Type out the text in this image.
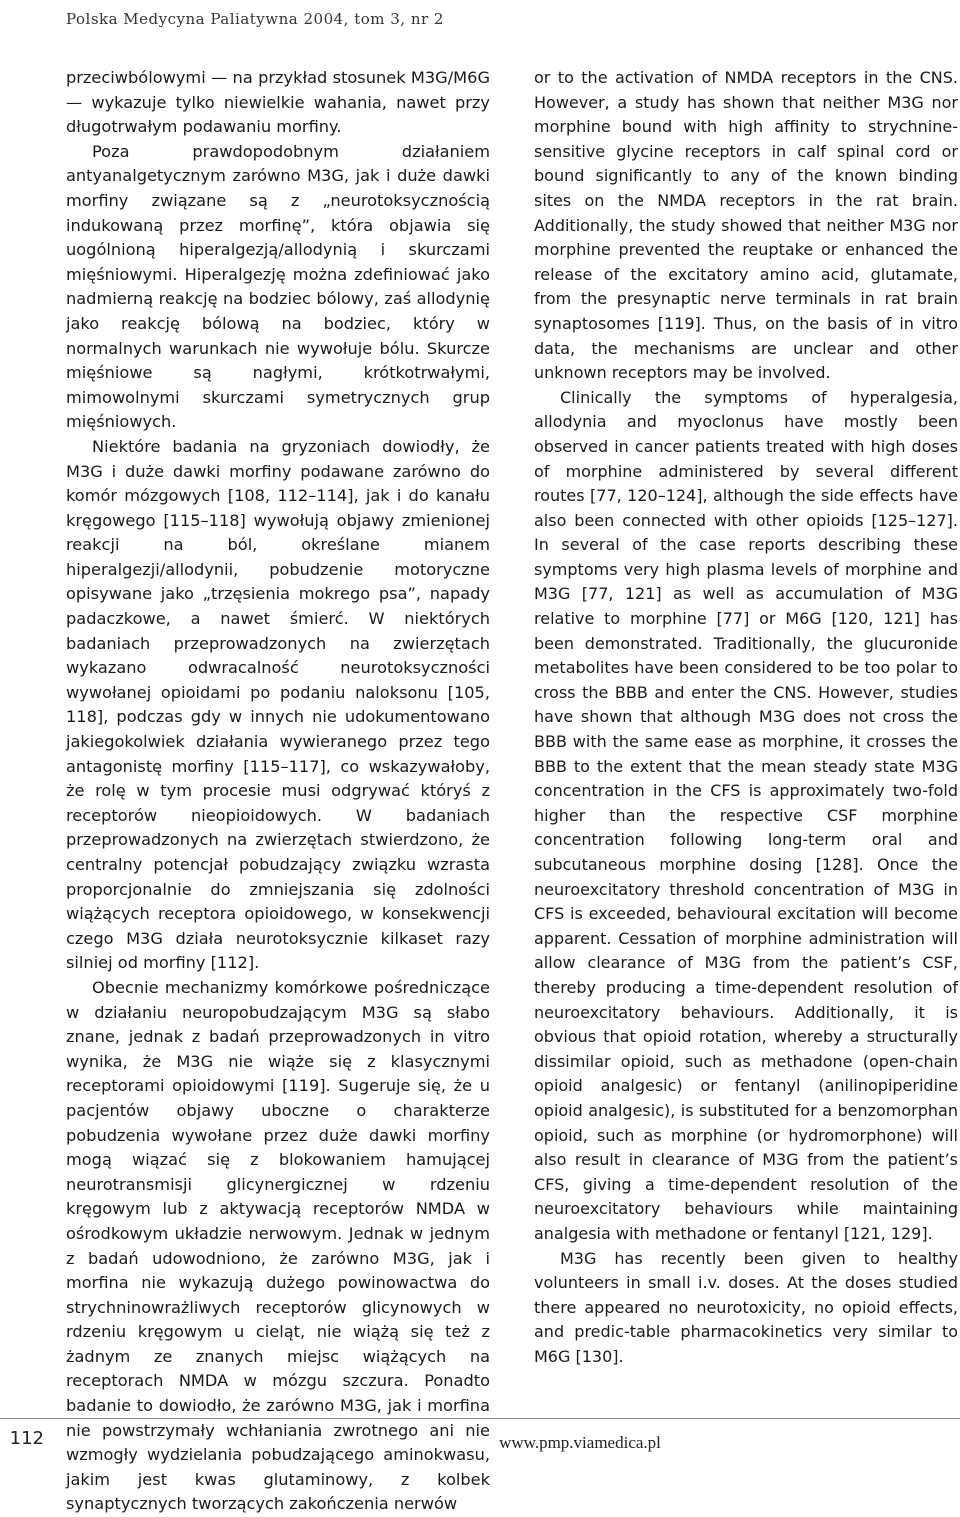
Polska Medycyna Paliatywna 2004, tom 3, nr 2

przeciwbólowymi — na przykład stosunek M3G/M6G — wykazuje tylko niewielkie wahania, nawet przy długotrwałym podawaniu morfiny.

Poza prawdopodobnym działaniem antyanalgetycznym zarówno M3G, jak i duże dawki morfiny związane są z „neurotoksycznością indukowaną przez morfinę”, która objawia się uogólnioną hiperalgezją/allodynią i skurczami mięśniowymi. Hiperalgezję można zdefiniować jako nadmierną reakcję na bodziec bólowy, zaś allodynię jako reakcję bólową na bodziec, który w normalnych warunkach nie wywołuje bólu. Skurcze mięśniowe są nagłymi, krótkotrwałymi, mimowolnymi skurczami symetrycznych grup mięśniowych.

Niektóre badania na gryzoniach dowiodły, że M3G i duże dawki morfiny podawane zarówno do komór mózgowych [108, 112–114], jak i do kanału kręgowego [115–118] wywołują objawy zmienionej reakcji na ból, określane mianem hiperalgezji/allodynii, pobudzenie motoryczne opisywane jako „trzęsienia mokrego psa”, napady padaczkowe, a nawet śmierć. W niektórych badaniach przeprowadzonych na zwierzętach wykazano odwracalność neurotoksyczności wywołanej opioidami po podaniu naloksonu [105, 118], podczas gdy w innych nie udokumentowano jakiegokolwiek działania wywieranego przez tego antagonistę morfiny [115–117], co wskazywałoby, że rolę w tym procesie musi odgrywać któryś z receptorów nieopioidowych. W badaniach przeprowadzonych na zwierzętach stwierdzono, że centralny potencjał pobudzający związku wzrasta proporcjonalnie do zmniejszania się zdolności wiążących receptora opioidowego, w konsekwencji czego M3G działa neurotoksycznie kilkaset razy silniej od morfiny [112].

Obecnie mechanizmy komórkowe pośredniczące w działaniu neuropobudzającym M3G są słabo znane, jednak z badań przeprowadzonych in vitro wynika, że M3G nie wiąże się z klasycznymi receptorami opioidowymi [119]. Sugeruje się, że u pacjentów objawy uboczne o charakterze pobudzenia wywołane przez duże dawki morfiny mogą wiązać się z blokowaniem hamującej neurotransmisji glicynergicznej w rdzeniu kręgowym lub z aktywacją receptorów NMDA w ośrodkowym układzie nerwowym. Jednak w jednym z badań udowodniono, że zarówno M3G, jak i morfina nie wykazują dużego powinowactwa do strychninowrażliwych receptorów glicynowych w rdzeniu kręgowym u cieląt, nie wiążą się też z żadnym ze znanych miejsc wiążących na receptorach NMDA w mózgu szczura. Ponadto badanie to dowiodło, że zarówno M3G, jak i morfina nie powstrzymały wchłaniania zwrotnego ani nie wzmogły wydzielania pobudzającego aminokwasu, jakim jest kwas glutaminowy, z kolbek synaptycznych tworzących zakończenia nerwów

or to the activation of NMDA receptors in the CNS. However, a study has shown that neither M3G nor morphine bound with high affinity to strychnine-sensitive glycine receptors in calf spinal cord or bound significantly to any of the known binding sites on the NMDA receptors in the rat brain. Additionally, the study showed that neither M3G nor morphine prevented the reuptake or enhanced the release of the excitatory amino acid, glutamate, from the presynaptic nerve terminals in rat brain synaptosomes [119]. Thus, on the basis of in vitro data, the mechanisms are unclear and other unknown receptors may be involved.

Clinically the symptoms of hyperalgesia, allodynia and myoclonus have mostly been observed in cancer patients treated with high doses of morphine administered by several different routes [77, 120–124], although the side effects have also been connected with other opioids [125–127]. In several of the case reports describing these symptoms very high plasma levels of morphine and M3G [77, 121] as well as accumulation of M3G relative to morphine [77] or M6G [120, 121] has been demonstrated. Traditionally, the glucuronide metabolites have been considered to be too polar to cross the BBB and enter the CNS. However, studies have shown that although M3G does not cross the BBB with the same ease as morphine, it crosses the BBB to the extent that the mean steady state M3G concentration in the CFS is approximately two-fold higher than the respective CSF morphine concentration following long-term oral and subcutaneous morphine dosing [128]. Once the neuroexcitatory threshold concentration of M3G in CFS is exceeded, behavioural excitation will become apparent. Cessation of morphine administration will allow clearance of M3G from the patient’s CSF, thereby producing a time-dependent resolution of neuroexcitatory behaviours. Additionally, it is obvious that opioid rotation, whereby a structurally dissimilar opioid, such as methadone (open-chain opioid analgesic) or fentanyl (anilinopiperidine opioid analgesic), is substituted for a benzomorphan opioid, such as morphine (or hydromorphone) will also result in clearance of M3G from the patient’s CFS, giving a time-dependent resolution of the neuroexcitatory behaviours while maintaining analgesia with methadone or fentanyl [121, 129].

M3G has recently been given to healthy volunteers in small i.v. doses. At the doses studied there appeared no neurotoxicity, no opioid effects, and predic-table pharmacokinetics very similar to M6G [130].

112	www.pmp.viamedica.pl
